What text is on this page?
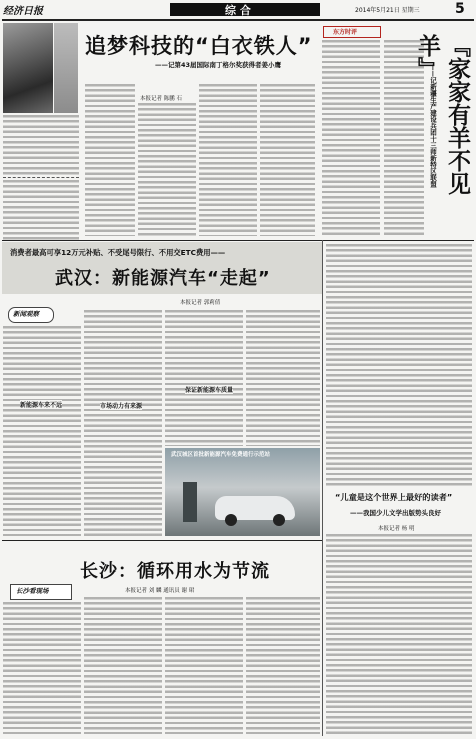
经济日报	综 合	2014年5月21日 星期三	5
追梦科技的“白衣铁人”
——记第43届国际南丁格尔奖获得者姜小鹰
本报记者 陈鹏 石
东方时评
『家家有羊不见羊』
——记新疆生产建设兵团十三师新特区联盟
消费者最高可享12万元补贴、不受尾号限行、不用交ETC费用——
武汉：新能源汽车“走起”
本报记者 郭莉倩
新闻观察
市场动力有来源
新能源车来不远
保证新能源车质量
武汉城区首批新能源汽车免费通行示范站
“儿童是这个世界上最好的读者”
——我国少儿文学出版势头良好
本报记者 杨 明
长沙：循环用水为节流
本报记者 刘 麟 通讯员 谢 珺
长沙看现场
